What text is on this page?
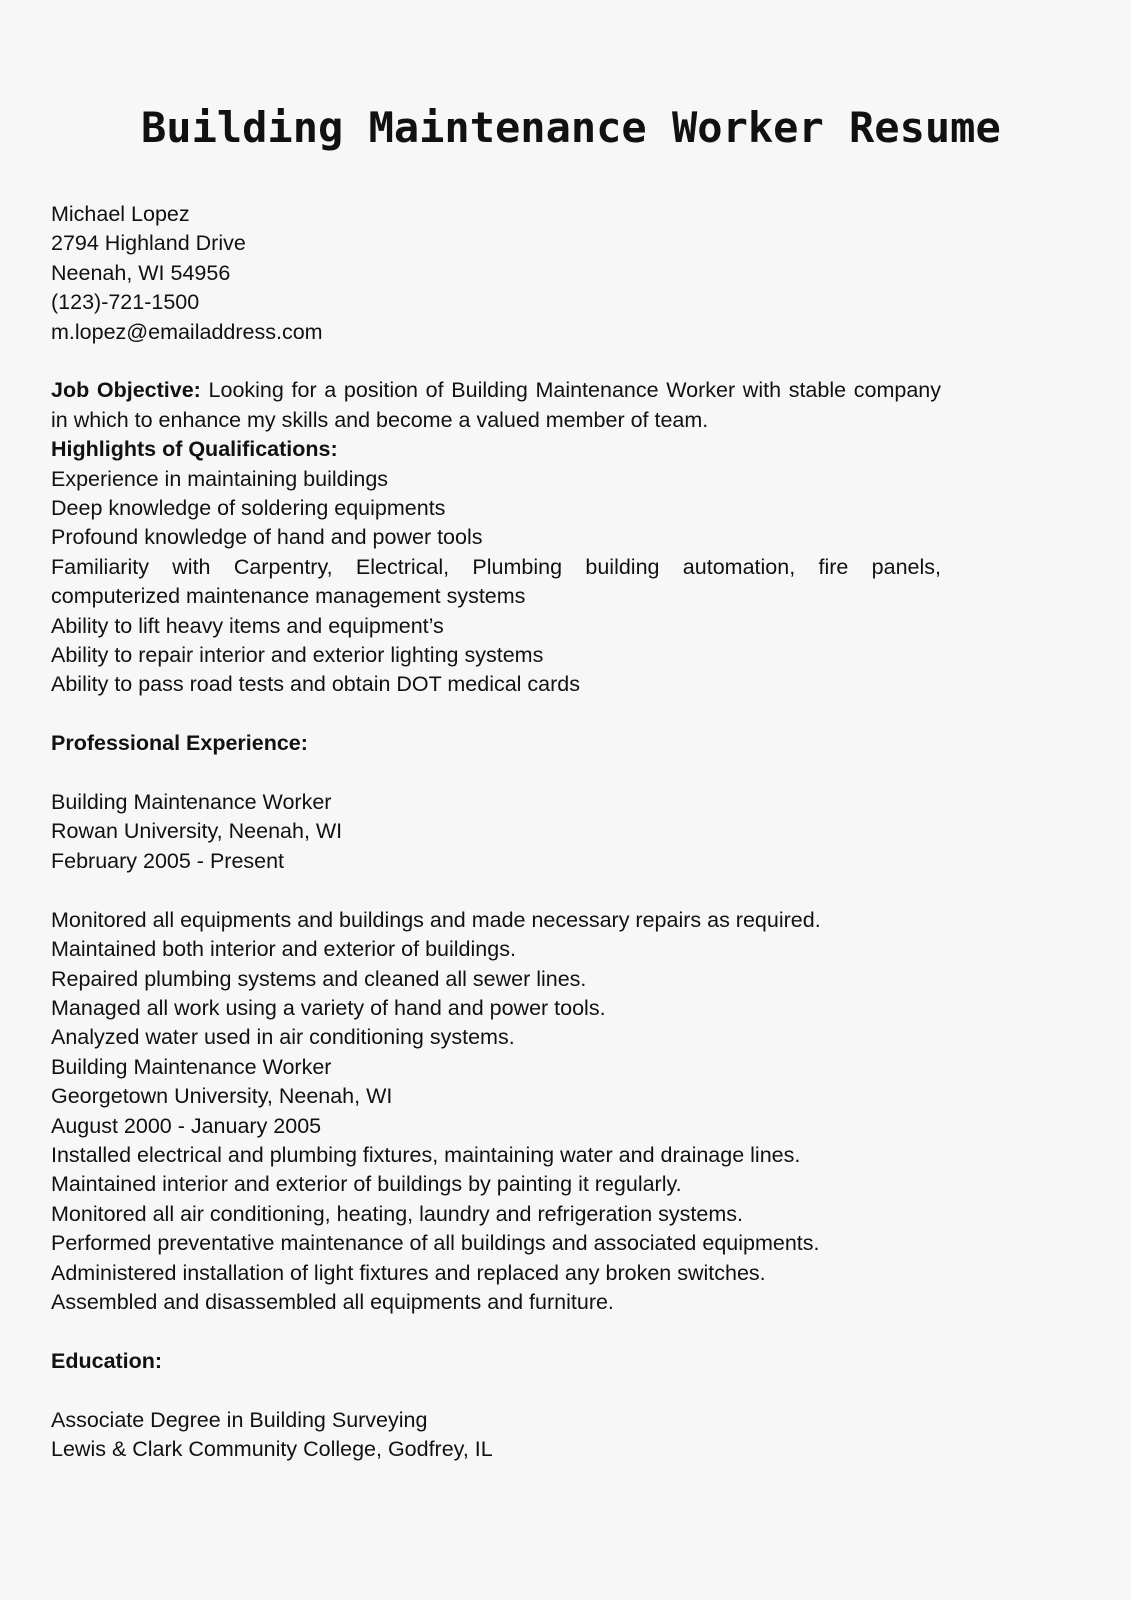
Building Maintenance Worker Resume
Michael Lopez
2794 Highland Drive
Neenah, WI 54956
(123)-721-1500
m.lopez@emailaddress.com
Job Objective: Looking for a position of Building Maintenance Worker with stable company in which to enhance my skills and become a valued member of team.
Highlights of Qualifications:
Experience in maintaining buildings
Deep knowledge of soldering equipments
Profound knowledge of hand and power tools
Familiarity with Carpentry, Electrical, Plumbing building automation, fire panels,
computerized maintenance management systems
Ability to lift heavy items and equipment’s
Ability to repair interior and exterior lighting systems
Ability to pass road tests and obtain DOT medical cards
Professional Experience:
Building Maintenance Worker
Rowan University, Neenah, WI
February 2005 - Present
Monitored all equipments and buildings and made necessary repairs as required.
Maintained both interior and exterior of buildings.
Repaired plumbing systems and cleaned all sewer lines.
Managed all work using a variety of hand and power tools.
Analyzed water used in air conditioning systems.
Building Maintenance Worker
Georgetown University, Neenah, WI
August 2000 - January 2005
Installed electrical and plumbing fixtures, maintaining water and drainage lines.
Maintained interior and exterior of buildings by painting it regularly.
Monitored all air conditioning, heating, laundry and refrigeration systems.
Performed preventative maintenance of all buildings and associated equipments.
Administered installation of light fixtures and replaced any broken switches.
Assembled and disassembled all equipments and furniture.
Education:
Associate Degree in Building Surveying
Lewis & Clark Community College, Godfrey, IL
